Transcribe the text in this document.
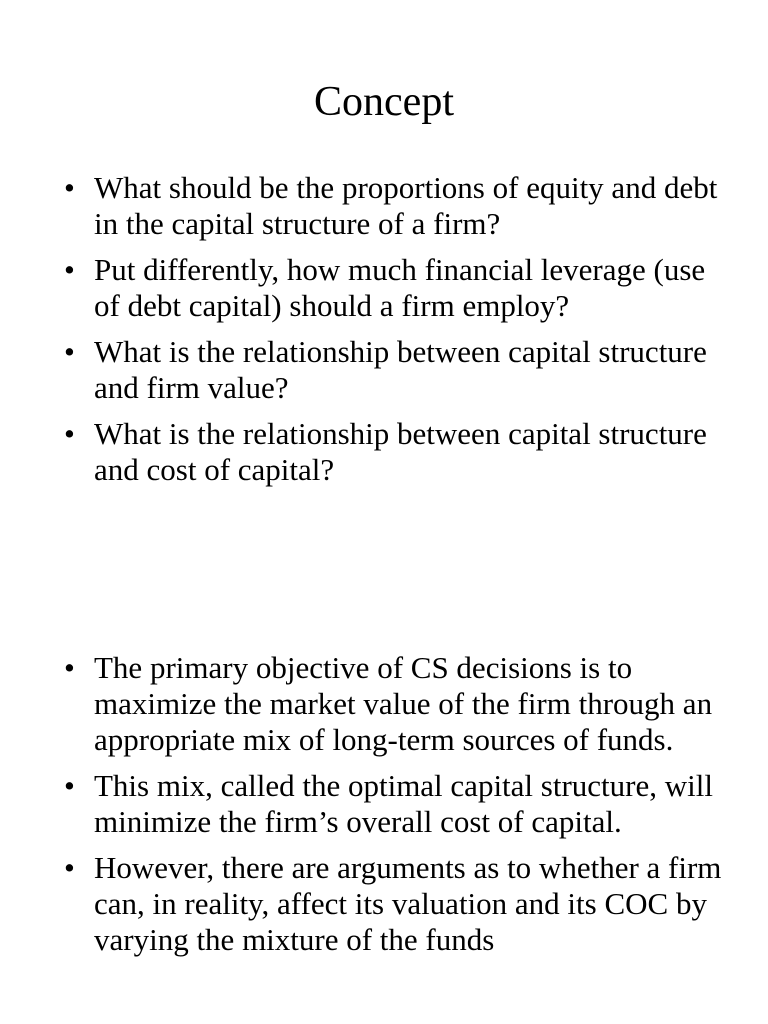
Concept
• What should be the proportions of equity and debt in the capital structure of a firm?
• Put differently, how much financial leverage (use of debt capital) should a firm employ?
• What is the relationship between capital structure and firm value?
• What is the relationship between capital structure and cost of capital?
• The primary objective of CS decisions is to maximize the market value of the firm through an appropriate mix of long-term sources of funds.
• This mix, called the optimal capital structure, will minimize the firm’s overall cost of capital.
• However, there are arguments as to whether a firm can, in reality, affect its valuation and its COC by varying the mixture of the funds
